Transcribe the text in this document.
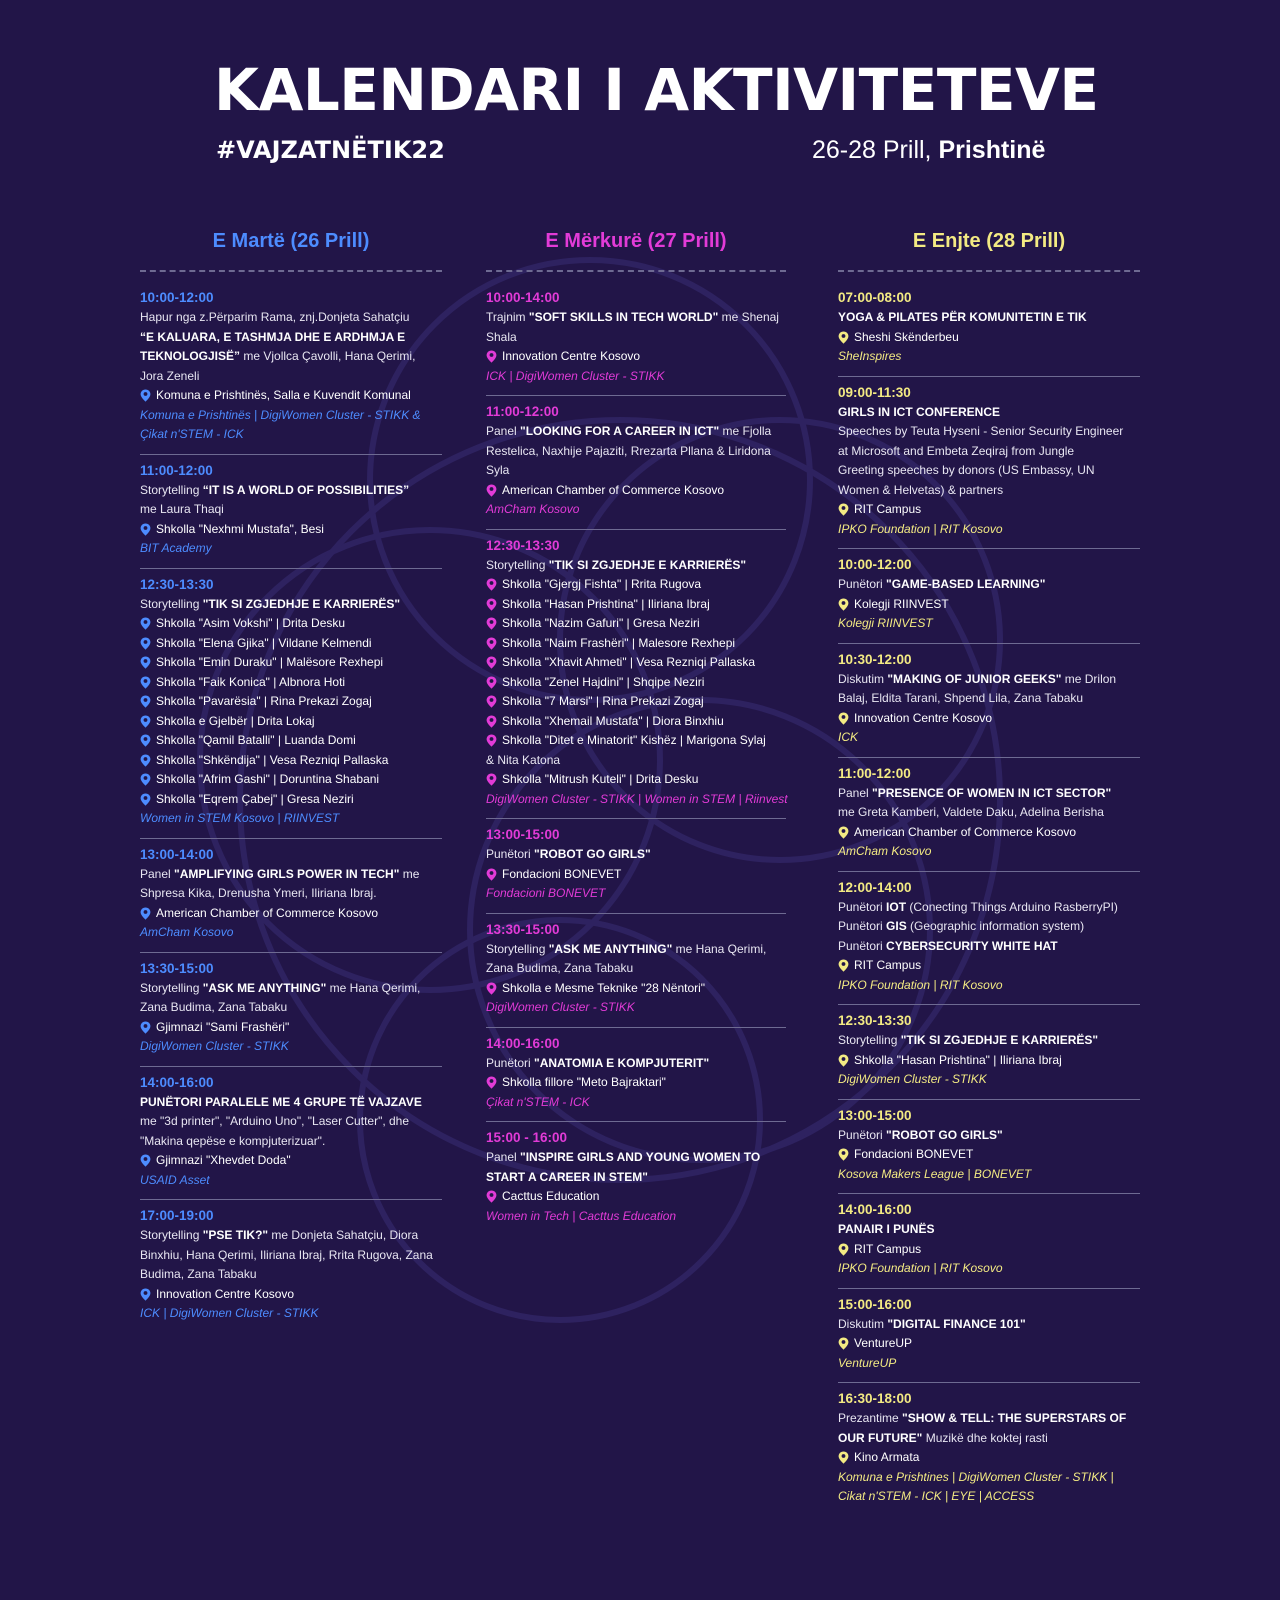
KALENDARI I AKTIVITETEVE
#VAJZATNËTIK22	26-28 Prill, Prishtinë
E Martë (26 Prill)
10:00-12:00
Hapur nga z.Përparim Rama, znj.Donjeta Sahatçiu
“E KALUARA, E TASHMJA DHE E ARDHMJA E
TEKNOLOGJISË” me Vjollca Çavolli, Hana Qerimi,
Jora Zeneli
Komuna e Prishtinës, Salla e Kuvendit Komunal
Komuna e Prishtinës | DigiWomen Cluster - STIKK &
Çikat n'STEM - ICK
11:00-12:00
Storytelling “IT IS A WORLD OF POSSIBILITIES”
me Laura Thaqi
Shkolla "Nexhmi Mustafa", Besi
BIT Academy
12:30-13:30
Storytelling "TIK SI ZGJEDHJE E KARRIERËS"
Shkolla "Asim Vokshi" | Drita Desku
Shkolla "Elena Gjika" | Vildane Kelmendi
Shkolla "Emin Duraku" | Malësore Rexhepi
Shkolla "Faik Konica" | Albnora Hoti
Shkolla "Pavarësia" | Rina Prekazi Zogaj
Shkolla e Gjelbër | Drita Lokaj
Shkolla "Qamil Batalli" | Luanda Domi
Shkolla "Shkëndija" | Vesa Rezniqi Pallaska
Shkolla "Afrim Gashi" | Doruntina Shabani
Shkolla "Eqrem Çabej" | Gresa Neziri
Women in STEM Kosovo | RIINVEST
13:00-14:00
Panel "AMPLIFYING GIRLS POWER IN TECH" me
Shpresa Kika, Drenusha Ymeri, Iliriana Ibraj.
American Chamber of Commerce Kosovo
AmCham Kosovo
13:30-15:00
Storytelling "ASK ME ANYTHING" me Hana Qerimi,
Zana Budima, Zana Tabaku
Gjimnazi "Sami Frashëri"
DigiWomen Cluster - STIKK
14:00-16:00
PUNËTORI PARALELE ME 4 GRUPE TË VAJZAVE
me "3d printer", "Arduino Uno", "Laser Cutter", dhe
"Makina qepëse e kompjuterizuar".
Gjimnazi "Xhevdet Doda"
USAID Asset
17:00-19:00
Storytelling "PSE TIK?" me Donjeta Sahatçiu, Diora
Binxhiu, Hana Qerimi, Iliriana Ibraj, Rrita Rugova, Zana
Budima, Zana Tabaku
Innovation Centre Kosovo
ICK | DigiWomen Cluster - STIKK
E Mërkurë (27 Prill)
10:00-14:00
Trajnim "SOFT SKILLS IN TECH WORLD" me Shenaj
Shala
Innovation Centre Kosovo
ICK | DigiWomen Cluster - STIKK
11:00-12:00
Panel "LOOKING FOR A CAREER IN ICT" me Fjolla
Restelica, Naxhije Pajaziti, Rrezarta Pllana & Liridona
Syla
American Chamber of Commerce Kosovo
AmCham Kosovo
12:30-13:30
Storytelling "TIK SI ZGJEDHJE E KARRIERËS"
Shkolla "Gjergj Fishta" | Rrita Rugova
Shkolla "Hasan Prishtina" | Iliriana Ibraj
Shkolla "Nazim Gafuri" | Gresa Neziri
Shkolla "Naim Frashëri" | Malesore Rexhepi
Shkolla "Xhavit Ahmeti" | Vesa Rezniqi Pallaska
Shkolla "Zenel Hajdini" | Shqipe Neziri
Shkolla "7 Marsi" | Rina Prekazi Zogaj
Shkolla "Xhemail Mustafa" | Diora Binxhiu
Shkolla "Ditet e Minatorit" Kishëz | Marigona Sylaj
& Nita Katona
Shkolla "Mitrush Kuteli" | Drita Desku
DigiWomen Cluster - STIKK | Women in STEM | Riinvest
13:00-15:00
Punëtori "ROBOT GO GIRLS"
Fondacioni BONEVET
Fondacioni BONEVET
13:30-15:00
Storytelling "ASK ME ANYTHING" me Hana Qerimi,
Zana Budima, Zana Tabaku
Shkolla e Mesme Teknike "28 Nëntori"
DigiWomen Cluster - STIKK
14:00-16:00
Punëtori "ANATOMIA E KOMPJUTERIT"
Shkolla fillore "Meto Bajraktari"
Çikat n'STEM - ICK
15:00 - 16:00
Panel "INSPIRE GIRLS AND YOUNG WOMEN TO
START A CAREER IN STEM"
Cacttus Education
Women in Tech | Cacttus Education
E Enjte (28 Prill)
07:00-08:00
YOGA & PILATES PËR KOMUNITETIN E TIK
Sheshi Skënderbeu
SheInspires
09:00-11:30
GIRLS IN ICT CONFERENCE
Speeches by Teuta Hyseni - Senior Security Engineer
at Microsoft and Embeta Zeqiraj from Jungle
Greeting speeches by donors (US Embassy, UN
Women & Helvetas) & partners
RIT Campus
IPKO Foundation | RIT Kosovo
10:00-12:00
Punëtori "GAME-BASED LEARNING"
Kolegji RIINVEST
Kolegji RIINVEST
10:30-12:00
Diskutim "MAKING OF JUNIOR GEEKS" me Drilon
Balaj, Eldita Tarani, Shpend Lila, Zana Tabaku
Innovation Centre Kosovo
ICK
11:00-12:00
Panel "PRESENCE OF WOMEN IN ICT SECTOR"
me Greta Kamberi, Valdete Daku, Adelina Berisha
American Chamber of Commerce Kosovo
AmCham Kosovo
12:00-14:00
Punëtori IOT (Conecting Things Arduino RasberryPI)
Punëtori GIS (Geographic information system)
Punëtori CYBERSECURITY WHITE HAT
RIT Campus
IPKO Foundation | RIT Kosovo
12:30-13:30
Storytelling "TIK SI ZGJEDHJE E KARRIERËS"
Shkolla "Hasan Prishtina" | Iliriana Ibraj
DigiWomen Cluster - STIKK
13:00-15:00
Punëtori "ROBOT GO GIRLS"
Fondacioni BONEVET
Kosova Makers League | BONEVET
14:00-16:00
PANAIR I PUNËS
RIT Campus
IPKO Foundation | RIT Kosovo
15:00-16:00
Diskutim "DIGITAL FINANCE 101"
VentureUP
VentureUP
16:30-18:00
Prezantime "SHOW & TELL: THE SUPERSTARS OF
OUR FUTURE" Muzikë dhe koktej rasti
Kino Armata
Komuna e Prishtines | DigiWomen Cluster - STIKK |
Cikat n'STEM - ICK | EYE | ACCESS
